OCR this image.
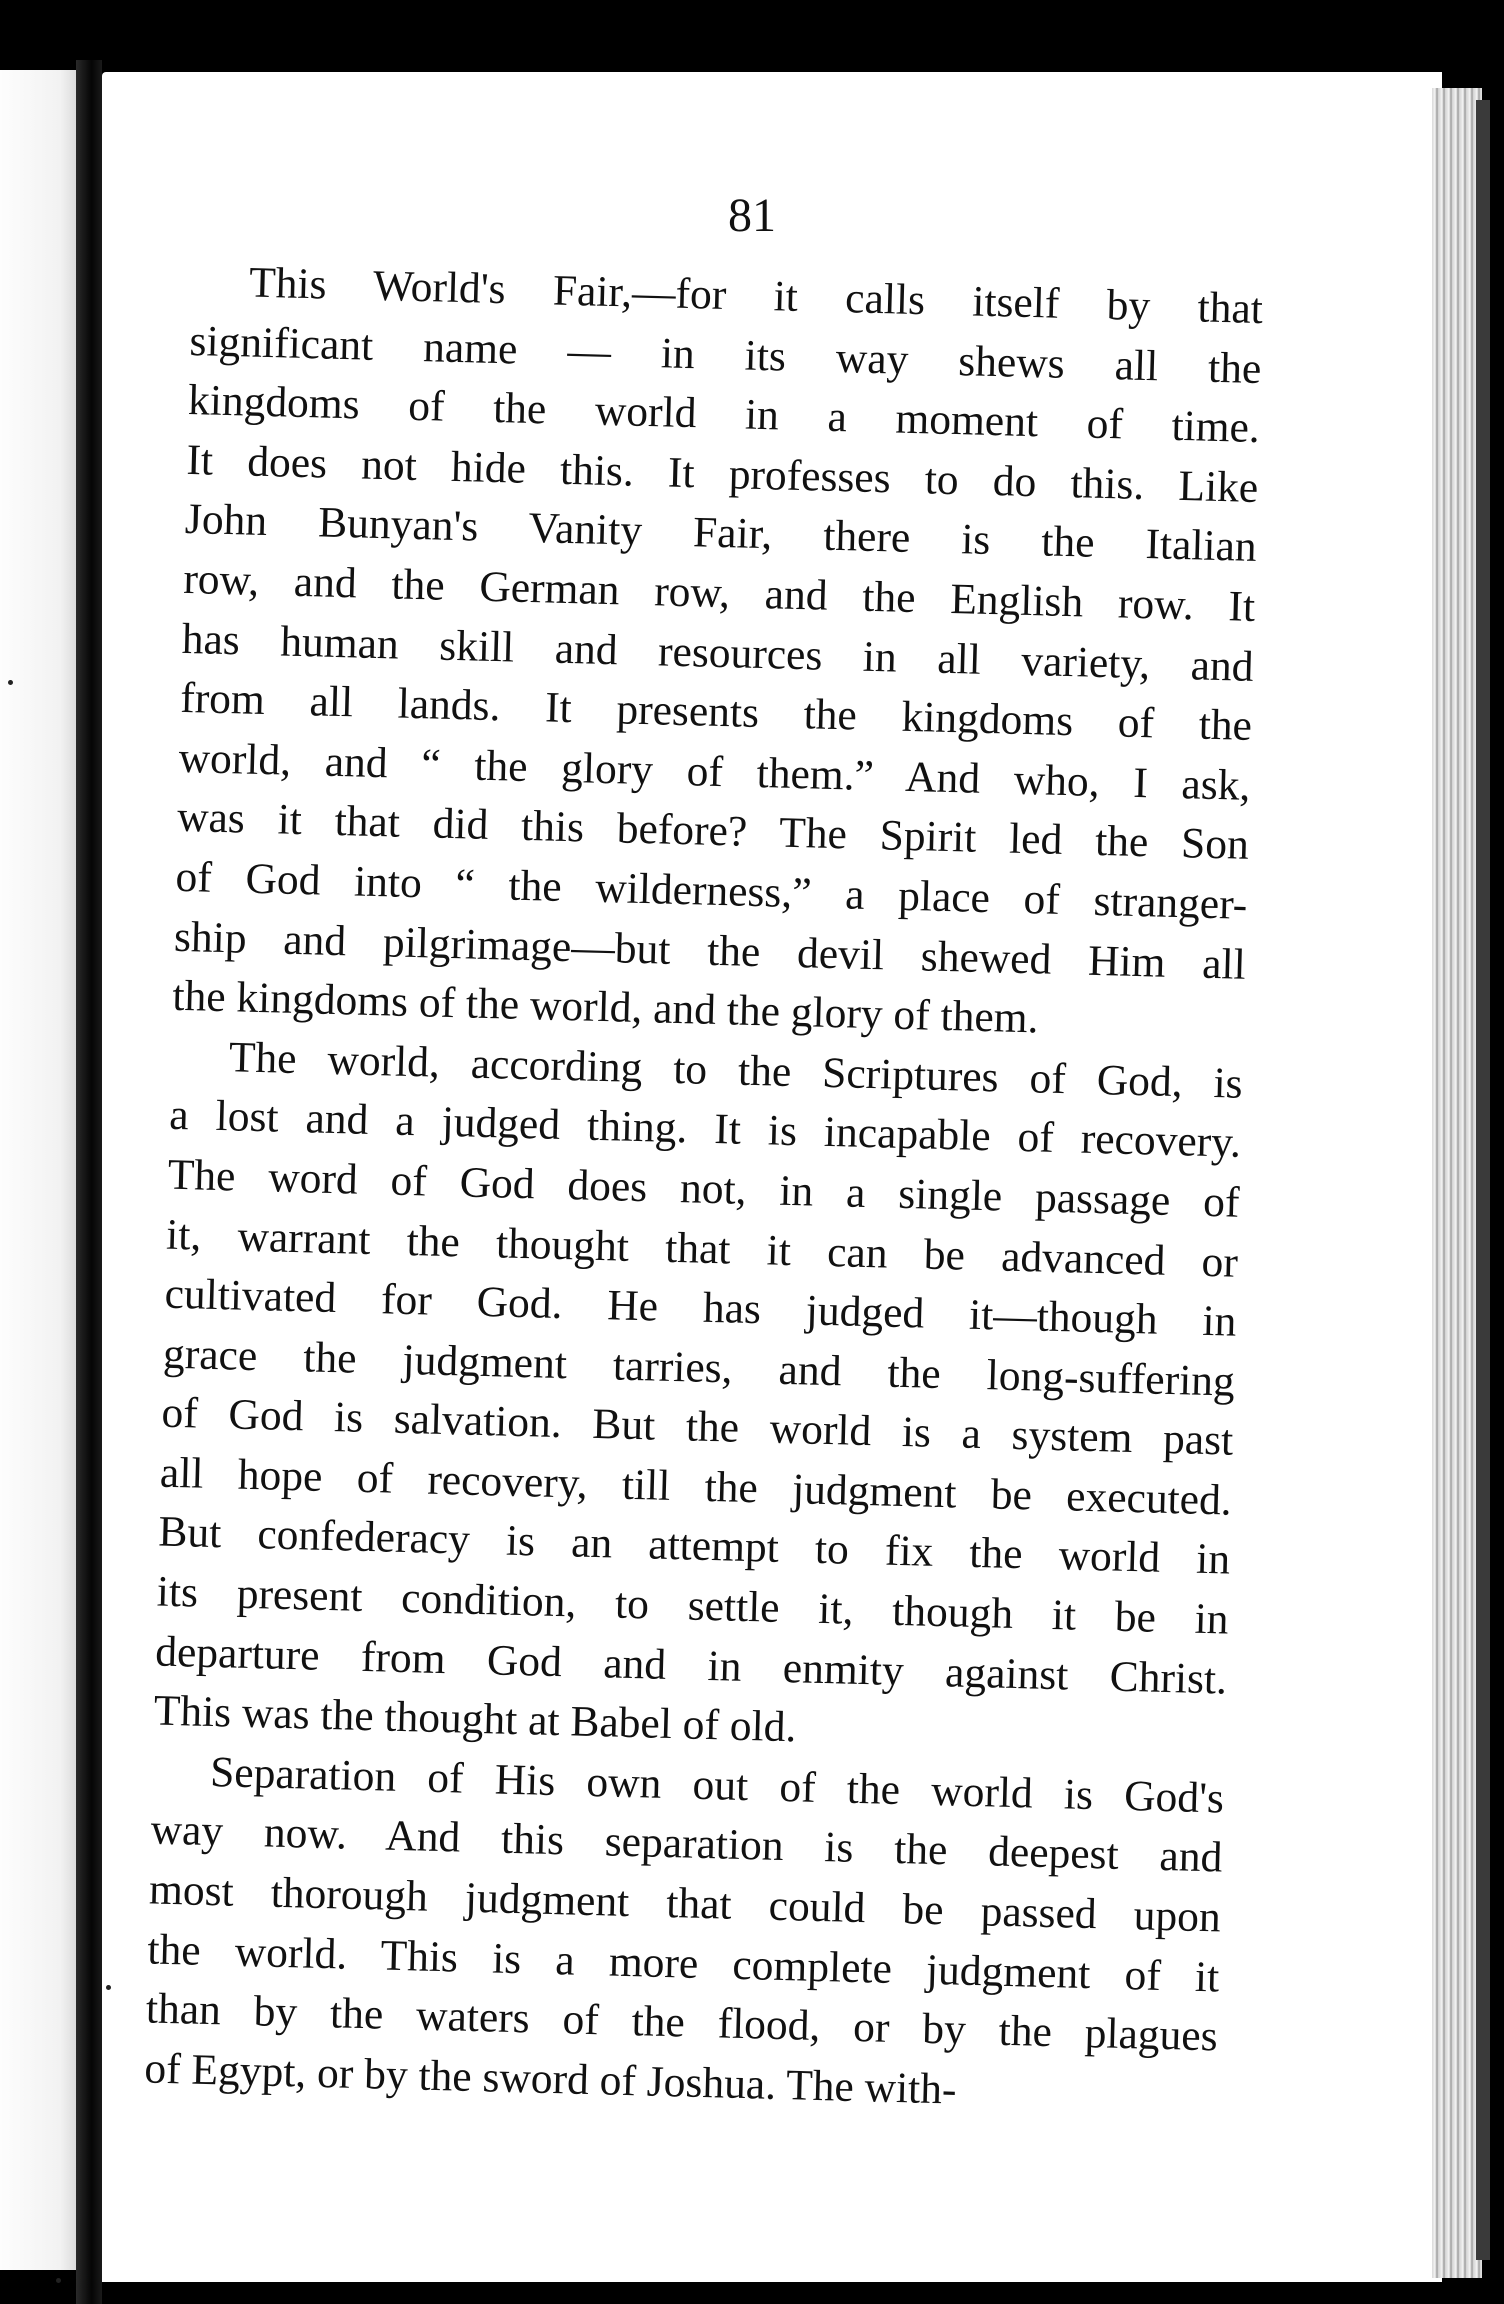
81
This World's Fair,—for it calls itself by that
significant name — in its way shews all the
kingdoms of the world in a moment of time.
It does not hide this. It professes to do this. Like
John Bunyan's Vanity Fair, there is the Italian
row, and the German row, and the English row. It
has human skill and resources in all variety, and
from all lands. It presents the kingdoms of the
world, and “ the glory of them.” And who, I ask,
was it that did this before? The Spirit led the Son
of God into “ the wilderness,” a place of stranger-
ship and pilgrimage—but the devil shewed Him all
the kingdoms of the world, and the glory of them.
The world, according to the Scriptures of God, is
a lost and a judged thing. It is incapable of recovery.
The word of God does not, in a single passage of
it, warrant the thought that it can be advanced or
cultivated for God. He has judged it—though in
grace the judgment tarries, and the long-suffering
of God is salvation. But the world is a system past
all hope of recovery, till the judgment be executed.
But confederacy is an attempt to fix the world in
its present condition, to settle it, though it be in
departure from God and in enmity against Christ.
This was the thought at Babel of old.
Separation of His own out of the world is God's
way now. And this separation is the deepest and
most thorough judgment that could be passed upon
the world. This is a more complete judgment of it
than by the waters of the flood, or by the plagues
of Egypt, or by the sword of Joshua. The with-
